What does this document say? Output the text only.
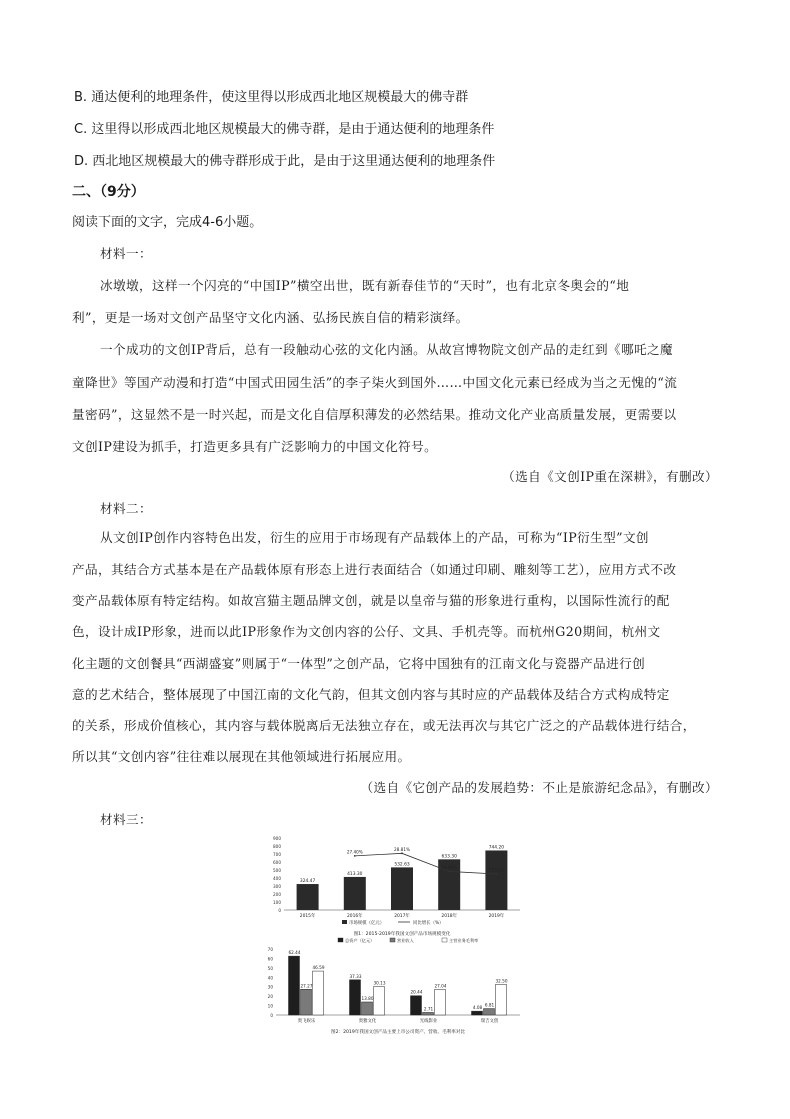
B. 通达便利的地理条件，使这里得以形成西北地区规模最大的佛寺群
C. 这里得以形成西北地区规模最大的佛寺群，是由于通达便利的地理条件
D. 西北地区规模最大的佛寺群形成于此，是由于这里通达便利的地理条件
二、（9分）
阅读下面的文字，完成4-6小题。
材料一：
冰墩墩，这样一个闪亮的“中国IP”横空出世，既有新春佳节的“天时”，也有北京冬奥会的“地
利”，更是一场对文创产品坚守文化内涵、弘扬民族自信的精彩演绎。
一个成功的文创IP背后，总有一段触动心弦的文化内涵。从故宫博物院文创产品的走红到《哪吒之魔
童降世》等国产动漫和打造“中国式田园生活”的李子柒火到国外……中国文化元素已经成为当之无愧的“流
量密码”，这显然不是一时兴起，而是文化自信厚积薄发的必然结果。推动文化产业高质量发展，更需要以
文创IP建设为抓手，打造更多具有广泛影响力的中国文化符号。
（选自《文创IP重在深耕》，有删改）
材料二：
从文创IP创作内容特色出发，衍生的应用于市场现有产品载体上的产品，可称为“IP衍生型”文创
产品，其结合方式基本是在产品载体原有形态上进行表面结合（如通过印刷、雕刻等工艺），应用方式不改
变产品载体原有特定结构。如故宫猫主题品牌文创，就是以皇帝与猫的形象进行重构，以国际性流行的配
色，设计成IP形象，进而以此IP形象作为文创内容的公仔、文具、手机壳等。而杭州G20期间，杭州文
化主题的文创餐具“西湖盛宴”则属于“一体型”之创产品，它将中国独有的江南文化与瓷器产品进行创
意的艺术结合，整体展现了中国江南的文化气韵，但其文创内容与其时应的产品载体及结合方式构成特定
的关系，形成价值核心，其内容与载体脱离后无法独立存在，或无法再次与其它广泛之的产品载体进行结合，
所以其“文创内容”往往难以展现在其他领域进行拓展应用。
（选自《它创产品的发展趋势：不止是旅游纪念品》，有删改）
材料三：
0
100
200
300
400
500
600
700
800
900
324.47
2015年
413.30
2016年
532.63
2017年
633.30
2018年
744.20
2019年
27.40%
28.81%
18.90%
17.51%
市场规模（亿元）	同比增长（%）
图1：2015-2019年我国文创产品市场规模变化
0
10
20
30
40
50
60
70
总资产（亿元）	营业收入	主营业务毛利率
62.44
27.27
46.59
奥飞娱乐
37.33
13.80
30.13
奥雅文化
20.44
2.71
27.04
光线影业
4.08
6.81
32.50
瑞吉文创
图2：2019年我国文创产品主要上市公司资产、营收、毛利率对比
